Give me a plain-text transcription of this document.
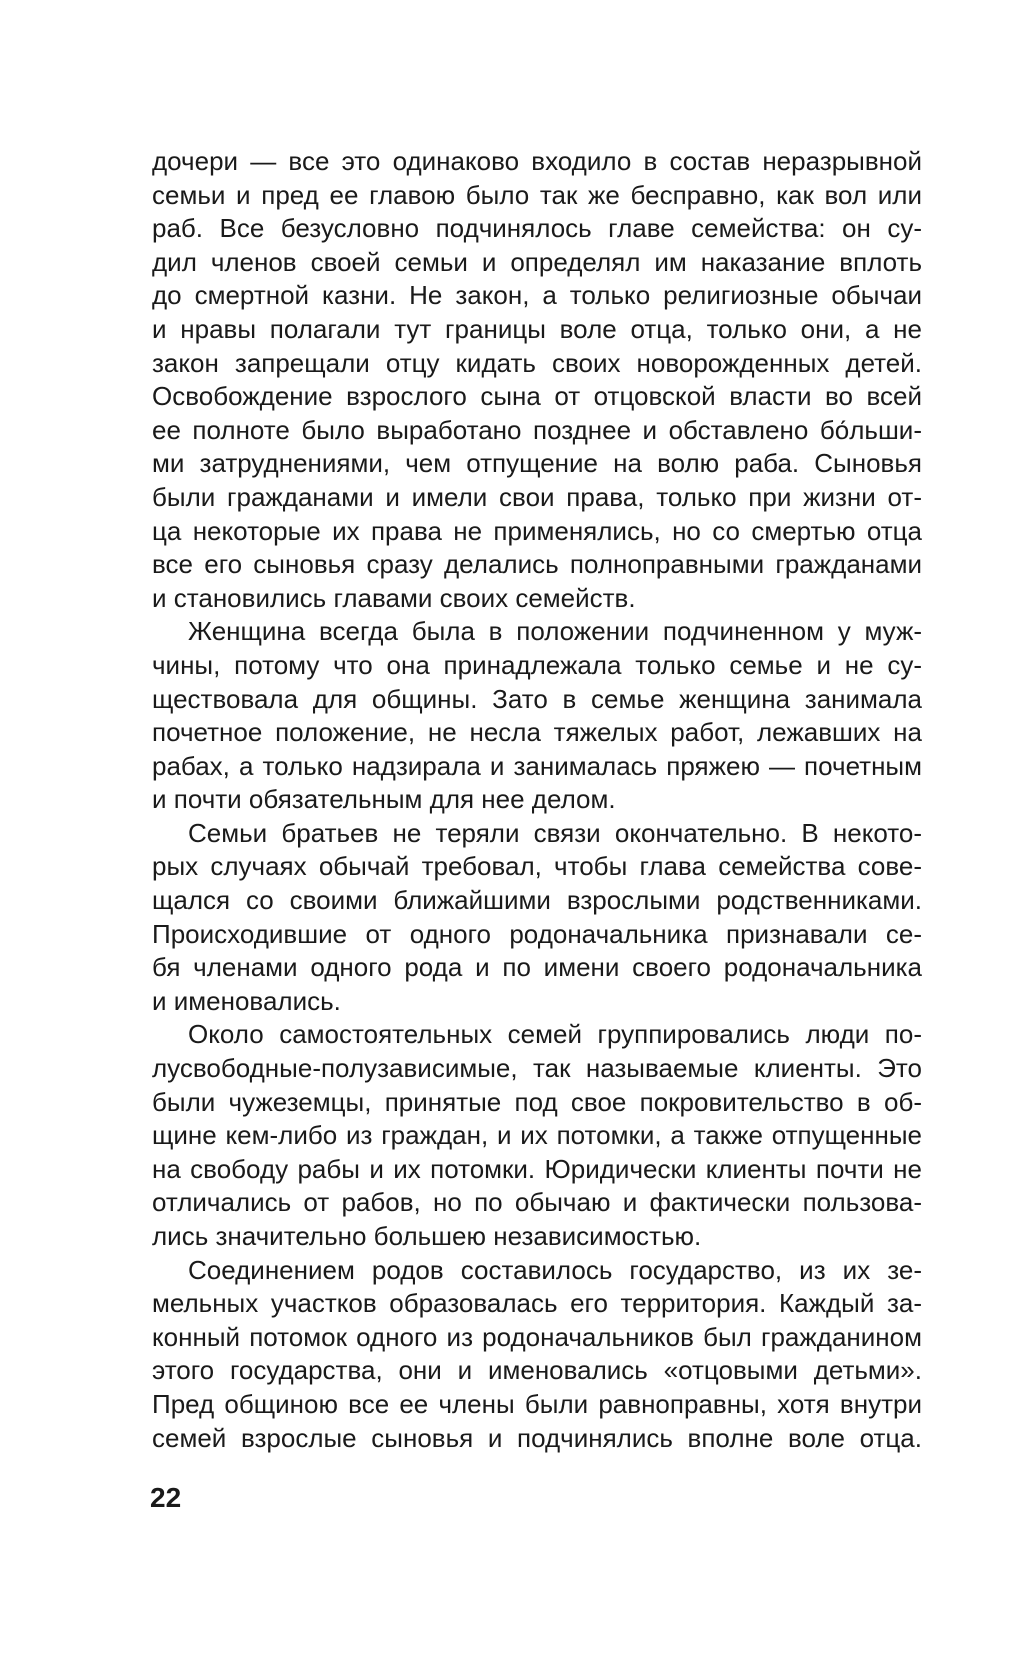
дочери — все это одинаково входило в состав неразрывной
семьи и пред ее главою было так же бесправно, как вол или
раб. Все безусловно подчинялось главе семейства: он су-
дил членов своей семьи и определял им наказание вплоть
до смертной казни. Не закон, а только религиозные обычаи
и нравы полагали тут границы воле отца, только они, а не
закон запрещали отцу кидать своих новорожденных детей.
Освобождение взрослого сына от отцовской власти во всей
ее полноте было выработано позднее и обставлено бо́льши-
ми затруднениями, чем отпущение на волю раба. Сыновья
были гражданами и имели свои права, только при жизни от-
ца некоторые их права не применялись, но со смертью отца
все его сыновья сразу делались полноправными гражданами
и становились главами своих семейств.
Женщина всегда была в положении подчиненном у муж-
чины, потому что она принадлежала только семье и не су-
ществовала для общины. Зато в семье женщина занимала
почетное положение, не несла тяжелых работ, лежавших на
рабах, а только надзирала и занималась пряжею — почетным
и почти обязательным для нее делом.
Семьи братьев не теряли связи окончательно. В некото-
рых случаях обычай требовал, чтобы глава семейства сове-
щался со своими ближайшими взрослыми родственниками.
Происходившие от одного родоначальника признавали се-
бя членами одного рода и по имени своего родоначальника
и именовались.
Около самостоятельных семей группировались люди по-
лусвободные-полузависимые, так называемые клиенты. Это
были чужеземцы, принятые под свое покровительство в об-
щине кем-либо из граждан, и их потомки, а также отпущенные
на свободу рабы и их потомки. Юридически клиенты почти не
отличались от рабов, но по обычаю и фактически пользова-
лись значительно большею независимостью.
Соединением родов составилось государство, из их зе-
мельных участков образовалась его территория. Каждый за-
конный потомок одного из родоначальников был гражданином
этого государства, они и именовались «отцовыми детьми».
Пред общиною все ее члены были равноправны, хотя внутри
семей взрослые сыновья и подчинялись вполне воле отца.
22
